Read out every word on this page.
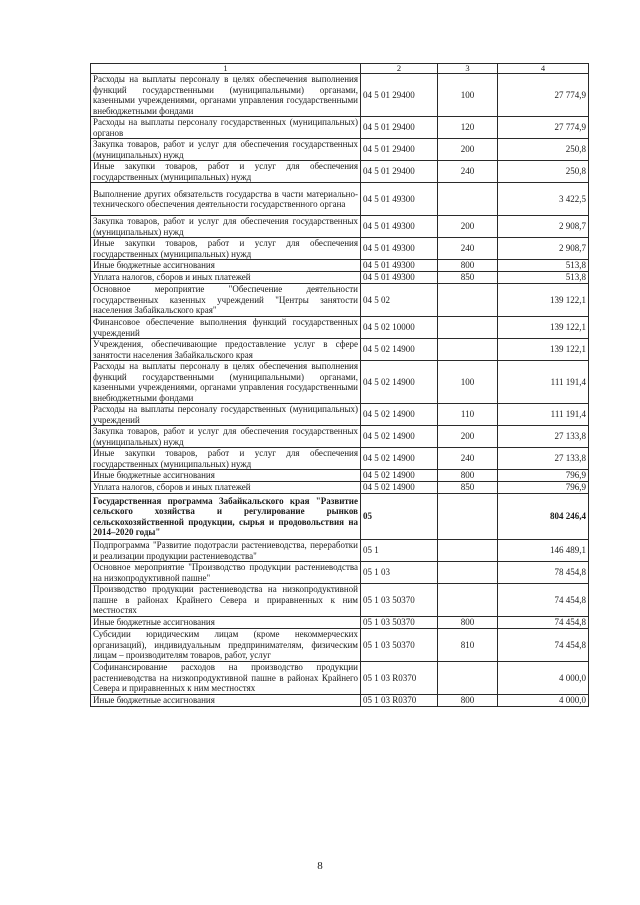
1	2	3	4
Расходы на выплаты персоналу в целях обеспечения выполнения функций государственными (муниципальными) органами, казенными учреждениями, органами управления государственными внебюджетными фондами	04 5 01 29400	100	27 774,9
Расходы на выплаты персоналу государственных (муниципальных) органов	04 5 01 29400	120	27 774,9
Закупка товаров, работ и услуг для обеспечения государственных (муниципальных) нужд	04 5 01 29400	200	250,8
Иные закупки товаров, работ и услуг для обеспечения государственных (муниципальных) нужд	04 5 01 29400	240	250,8
Выполнение других обязательств государства в части материально-технического обеспечения деятельности государственного органа	04 5 01 49300		3 422,5
Закупка товаров, работ и услуг для обеспечения государственных (муниципальных) нужд	04 5 01 49300	200	2 908,7
Иные закупки товаров, работ и услуг для обеспечения государственных (муниципальных) нужд	04 5 01 49300	240	2 908,7
Иные бюджетные ассигнования	04 5 01 49300	800	513,8
Уплата налогов, сборов и иных платежей	04 5 01 49300	850	513,8
Основное мероприятие "Обеспечение деятельности государственных казенных учреждений "Центры занятости населения Забайкальского края"	04 5 02		139 122,1
Финансовое обеспечение выполнения функций государственных учреждений	04 5 02 10000		139 122,1
Учреждения, обеспечивающие предоставление услуг в сфере занятости населения Забайкальского края	04 5 02 14900		139 122,1
Расходы на выплаты персоналу в целях обеспечения выполнения функций государственными (муниципальными) органами, казенными учреждениями, органами управления государственными внебюджетными фондами	04 5 02 14900	100	111 191,4
Расходы на выплаты персоналу государственных (муниципальных) учреждений	04 5 02 14900	110	111 191,4
Закупка товаров, работ и услуг для обеспечения государственных (муниципальных) нужд	04 5 02 14900	200	27 133,8
Иные закупки товаров, работ и услуг для обеспечения государственных (муниципальных) нужд	04 5 02 14900	240	27 133,8
Иные бюджетные ассигнования	04 5 02 14900	800	796,9
Уплата налогов, сборов и иных платежей	04 5 02 14900	850	796,9
Государственная программа Забайкальского края "Развитие сельского хозяйства и регулирование рынков сельскохозяйственной продукции, сырья и продовольствия на 2014–2020 годы"	05		804 246,4
Подпрограмма "Развитие подотрасли растениеводства, переработки и реализации продукции растениеводства"	05 1		146 489,1
Основное мероприятие "Производство продукции растениеводства на низкопродуктивной пашне"	05 1 03		78 454,8
Производство продукции растениеводства на низкопродуктивной пашне в районах Крайнего Севера и приравненных к ним местностях	05 1 03 50370		74 454,8
Иные бюджетные ассигнования	05 1 03 50370	800	74 454,8
Субсидии юридическим лицам (кроме некоммерческих организаций), индивидуальным предпринимателям, физическим лицам – производителям товаров, работ, услуг	05 1 03 50370	810	74 454,8
Софинансирование расходов на производство продукции растениеводства на низкопродуктивной пашне в районах Крайнего Севера и приравненных к ним местностях	05 1 03 R0370		4 000,0
Иные бюджетные ассигнования	05 1 03 R0370	800	4 000,0
8
